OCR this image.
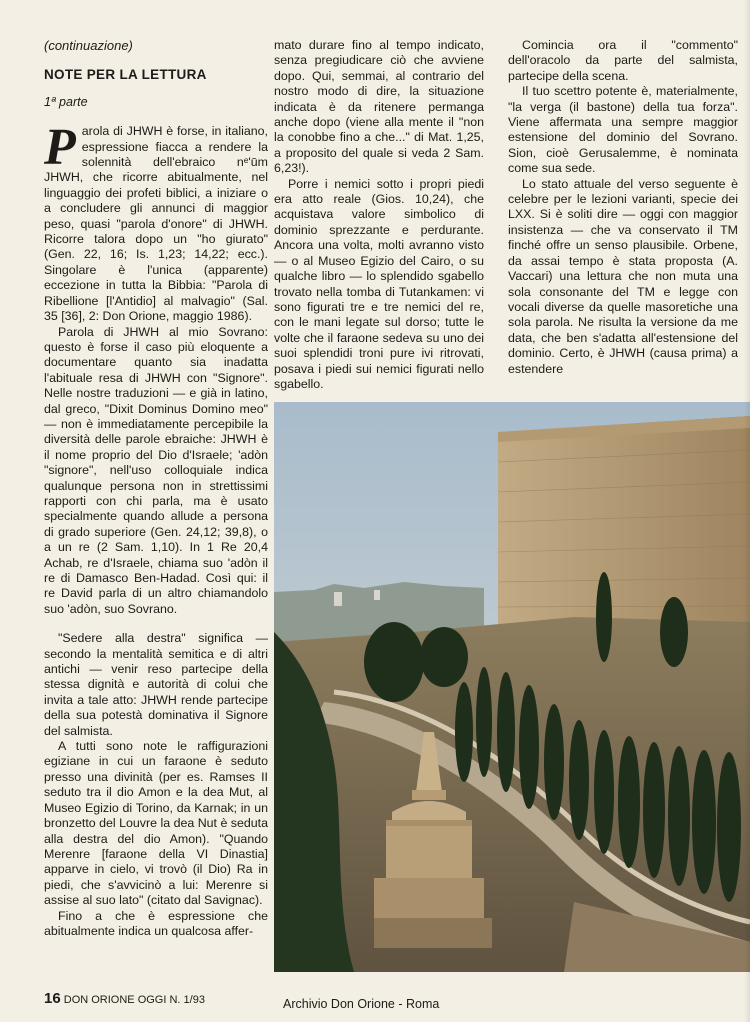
(continuazione)

NOTE PER LA LETTURA

1ª parte

Parola di JHWH è forse, in italiano, espressione fiacca a rendere la solennità dell'ebraico nᵉ'ūm JHWH, che ricorre abitualmente, nel linguaggio dei profeti biblici, a iniziare o a concludere gli annunci di maggior peso, quasi "parola d'onore" di JHWH. Ricorre talora dopo un "ho giurato" (Gen. 22, 16; Is. 1,23; 14,22; ecc.). Singolare è l'unica (apparente) eccezione in tutta la Bibbia: "Parola di Ribellione [l'Antidio] al malvagio" (Sal. 35 [36], 2: Don Orione, maggio 1986).

Parola di JHWH al mio Sovrano: questo è forse il caso più eloquente a documentare quanto sia inadatta l'abituale resa di JHWH con "Signore". Nelle nostre traduzioni — e già in latino, dal greco, "Dixit Dominus Domino meo" — non è immediatamente percepibile la diversità delle parole ebraiche: JHWH è il nome proprio del Dio d'Israele; 'adòn "signore", nell'uso colloquiale indica qualunque persona non in strettissimi rapporti con chi parla, ma è usato specialmente quando allude a persona di grado superiore (Gen. 24,12; 39,8), o a un re (2 Sam. 1,10). In 1 Re 20,4 Achab, re d'Israele, chiama suo 'adòn il re di Damasco Ben-Hadad. Così qui: il re David parla di un altro chiamandolo suo 'adòn, suo Sovrano.

"Sedere alla destra" significa — secondo la mentalità semitica e di altri antichi — venir reso partecipe della stessa dignità e autorità di colui che invita a tale atto: JHWH rende partecipe della sua potestà dominativa il Signore del salmista.

A tutti sono note le raffigurazioni egiziane in cui un faraone è seduto presso una divinità (per es. Ramses II seduto tra il dio Amon e la dea Mut, al Museo Egizio di Torino, da Karnak; in un bronzetto del Louvre la dea Nut è seduta alla destra del dio Amon). "Quando Merenre [faraone della VI Dinastia] apparve in cielo, vi trovò (il Dio) Ra in piedi, che s'avvicinò a lui: Merenre si assise al suo lato" (citato dal Savignac).

Fino a che è espressione che abitualmente indica un qualcosa affer-

mato durare fino al tempo indicato, senza pregiudicare ciò che avviene dopo. Qui, semmai, al contrario del nostro modo di dire, la situazione indicata è da ritenere permanga anche dopo (viene alla mente il "non la conobbe fino a che..." di Mat. 1,25, a proposito del quale si veda 2 Sam. 6,23!).

Porre i nemici sotto i propri piedi era atto reale (Gios. 10,24), che acquistava valore simbolico di dominio sprezzante e perdurante. Ancora una volta, molti avranno visto — o al Museo Egizio del Cairo, o su qualche libro — lo splendido sgabello trovato nella tomba di Tutankamen: vi sono figurati tre e tre nemici del re, con le mani legate sul dorso; tutte le volte che il faraone sedeva su uno dei suoi splendidi troni pure ivi ritrovati, posava i piedi sui nemici figurati nello sgabello.

Comincia ora il "commento" dell'oracolo da parte del salmista, partecipe della scena.

Il tuo scettro potente è, materialmente, "la verga (il bastone) della tua forza". Viene affermata una sempre maggior estensione del dominio del Sovrano. Sion, cioè Gerusalemme, è nominata come sua sede.

Lo stato attuale del verso seguente è celebre per le lezioni varianti, specie dei LXX. Si è soliti dire — oggi con maggior insistenza — che va conservato il TM finché offre un senso plausibile. Orbene, da assai tempo è stata proposta (A. Vaccari) una lettura che non muta una sola consonante del TM e legge con vocali diverse da quelle masoretiche una sola parola. Ne risulta la versione da me data, che ben s'adatta all'estensione del dominio. Certo, è JHWH (causa prima) a estendere

16 DON ORIONE OGGI N. 1/93	Archivio Don Orione - Roma
